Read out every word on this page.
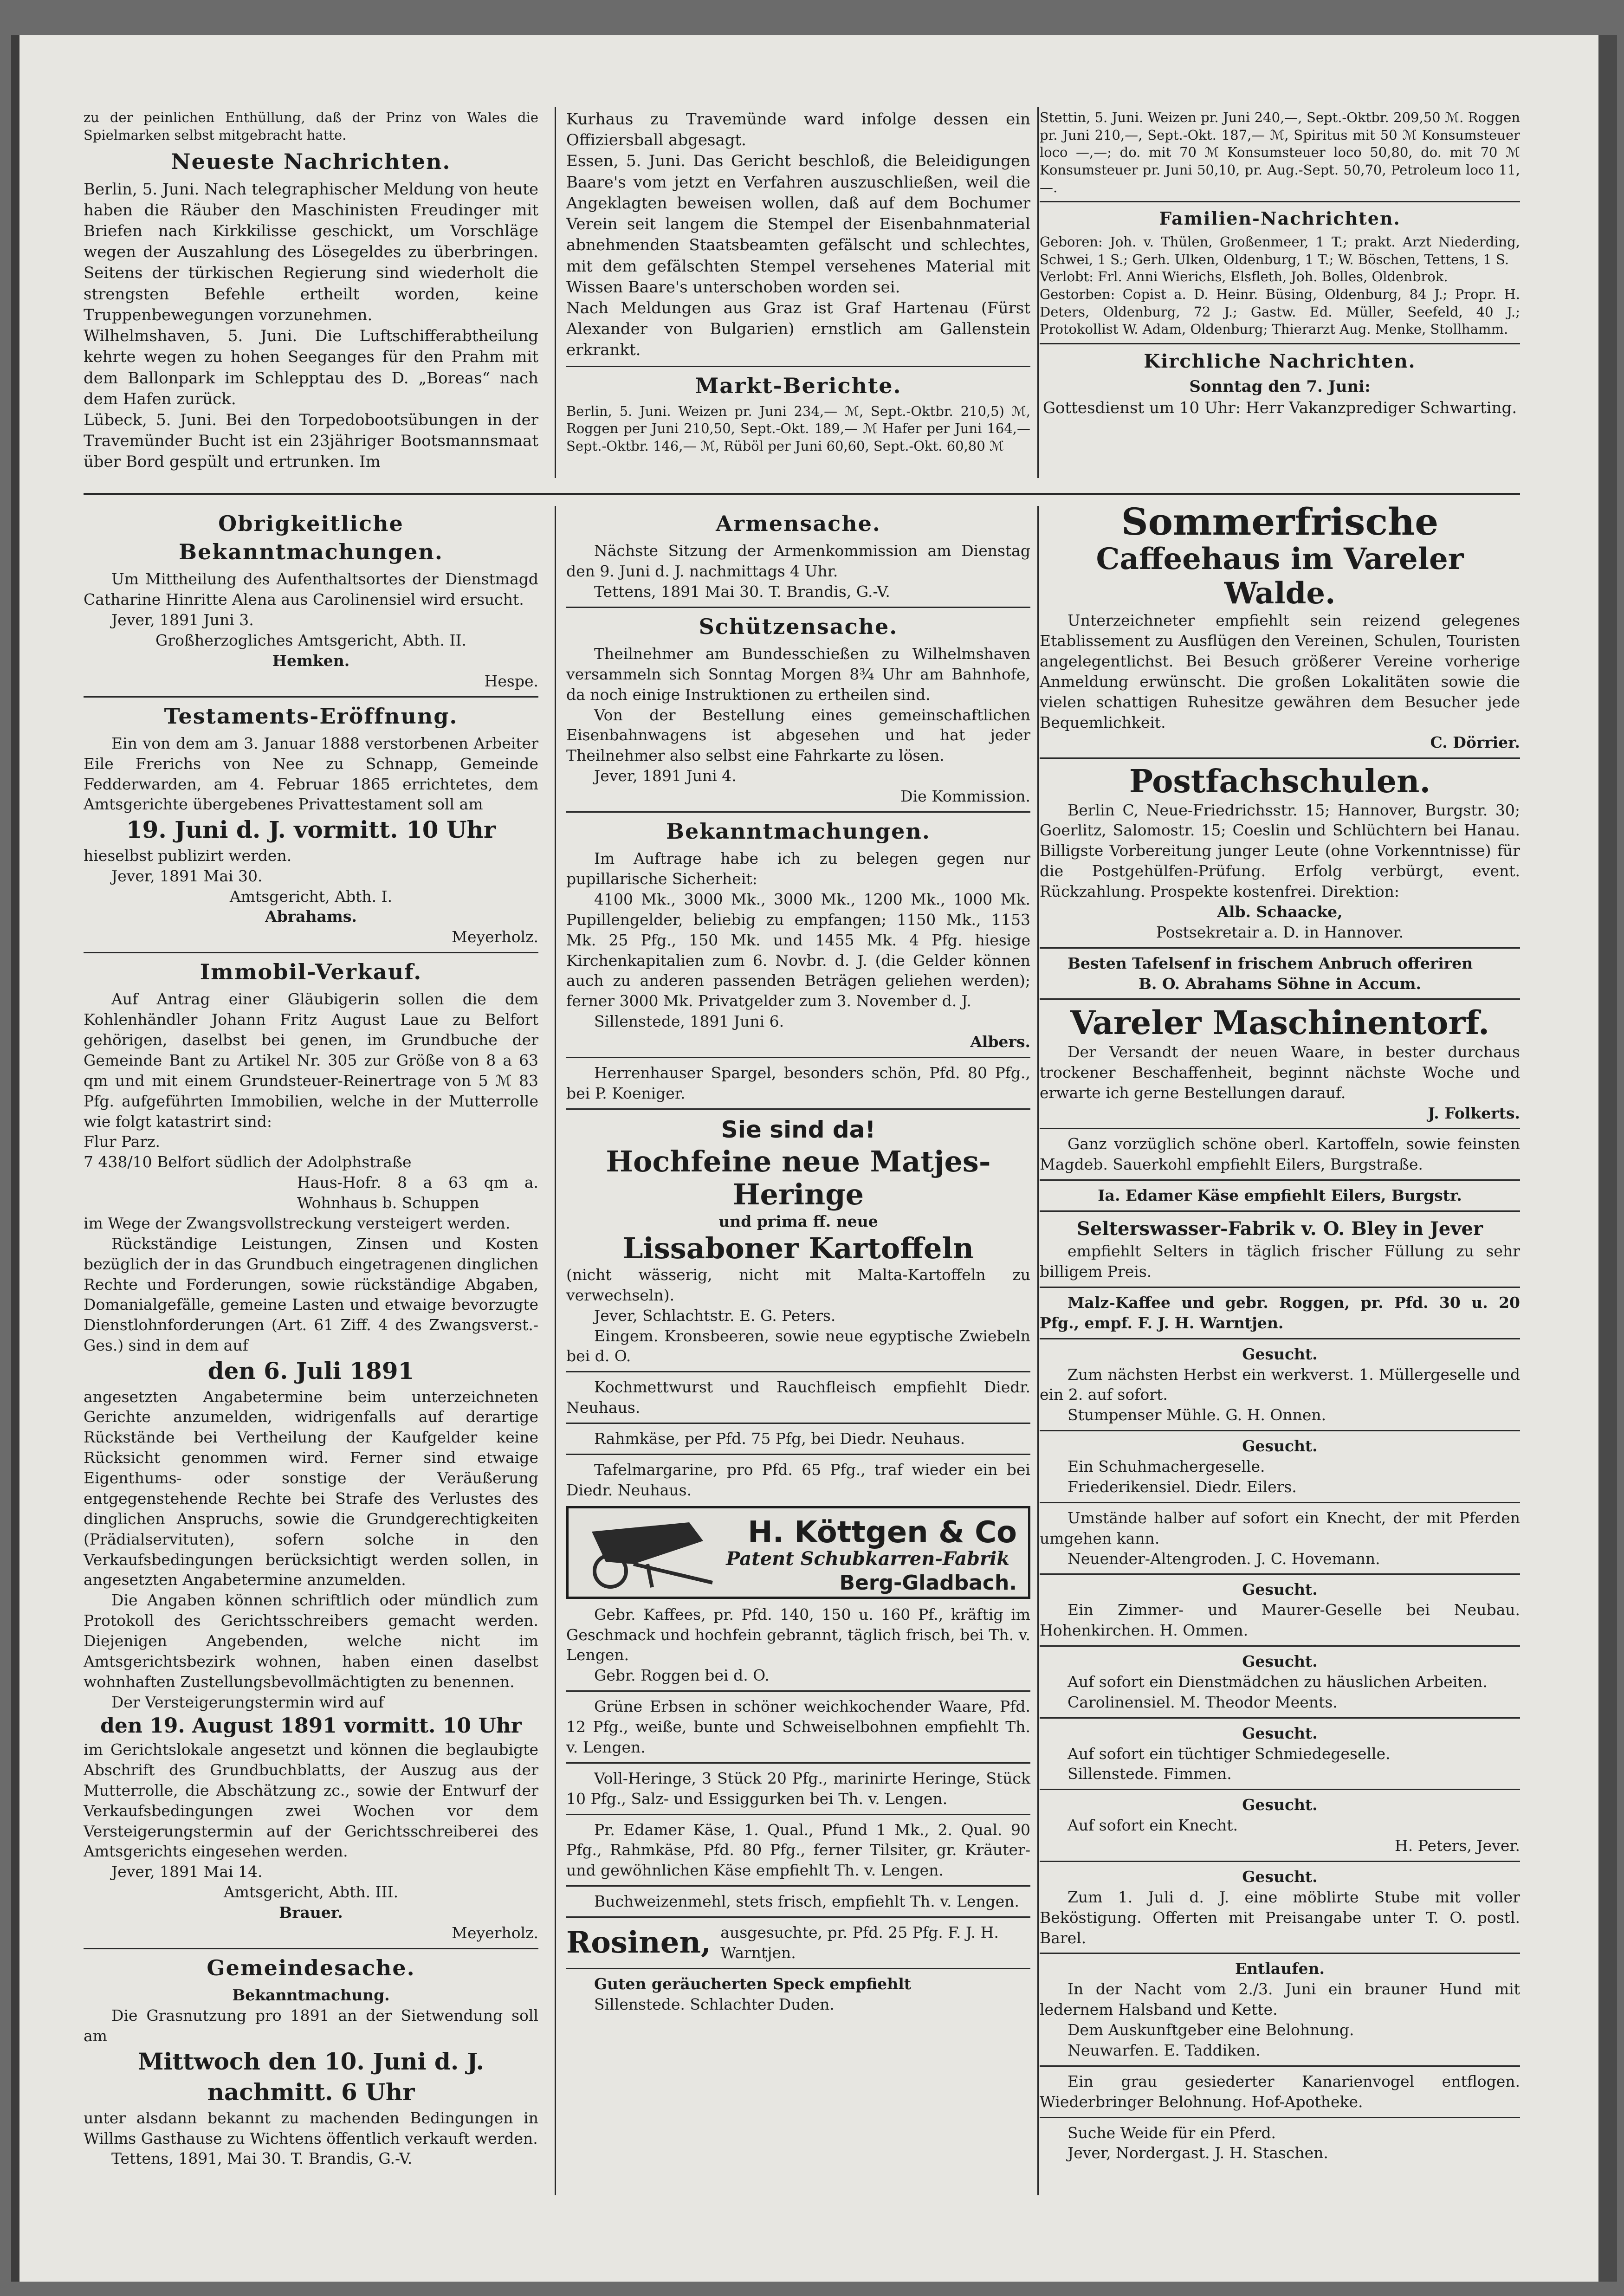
zu der peinlichen Enthüllung, daß der Prinz von Wales die Spielmarken selbst mitgebracht hatte.

Neueste Nachrichten.

Berlin, 5. Juni. Nach telegraphischer Meldung von heute haben die Räuber den Maschinisten Freudinger mit Briefen nach Kirkkilisse geschickt, um Vorschläge wegen der Auszahlung des Lösegeldes zu überbringen. Seitens der türkischen Regierung sind wiederholt die strengsten Befehle ertheilt worden, keine Truppenbewegungen vorzunehmen.

Wilhelmshaven, 5. Juni. Die Luftschifferabtheilung kehrte wegen zu hohen Seeganges für den Prahm mit dem Ballonpark im Schlepptau des D. „Boreas“ nach dem Hafen zurück.

Lübeck, 5. Juni. Bei den Torpedobootsübungen in der Travemünder Bucht ist ein 23jähriger Bootsmannsmaat über Bord gespült und ertrunken. Im

Kurhaus zu Travemünde ward infolge dessen ein Offiziersball abgesagt.

Essen, 5. Juni. Das Gericht beschloß, die Beleidigungen Baare's vom jetzt en Verfahren auszuschließen, weil die Angeklagten beweisen wollen, daß auf dem Bochumer Verein seit langem die Stempel der Eisenbahnmaterial abnehmenden Staatsbeamten gefälscht und schlechtes, mit dem gefälschten Stempel versehenes Material mit Wissen Baare's unterschoben worden sei.

Nach Meldungen aus Graz ist Graf Hartenau (Fürst Alexander von Bulgarien) ernstlich am Gallenstein erkrankt.

Markt-Berichte.

Berlin, 5. Juni. Weizen pr. Juni 234,— ℳ, Sept.-Oktbr. 210,5) ℳ, Roggen per Juni 210,50, Sept.-Okt. 189,— ℳ Hafer per Juni 164,— Sept.-Oktbr. 146,— ℳ, Rüböl per Juni 60,60, Sept.-Okt. 60,80 ℳ

Stettin, 5. Juni. Weizen pr. Juni 240,—, Sept.-Oktbr. 209,50 ℳ. Roggen pr. Juni 210,—, Sept.-Okt. 187,— ℳ, Spiritus mit 50 ℳ Konsumsteuer loco —,—; do. mit 70 ℳ Konsumsteuer loco 50,80, do. mit 70 ℳ Konsumsteuer pr. Juni 50,10, pr. Aug.-Sept. 50,70, Petroleum loco 11,—.

Familien-Nachrichten.

Geboren: Joh. v. Thülen, Großenmeer, 1 T.; prakt. Arzt Niederding, Schwei, 1 S.; Gerh. Ulken, Oldenburg, 1 T.; W. Böschen, Tettens, 1 S.

Verlobt: Frl. Anni Wierichs, Elsfleth, Joh. Bolles, Oldenbrok.

Gestorben: Copist a. D. Heinr. Büsing, Oldenburg, 84 J.; Propr. H. Deters, Oldenburg, 72 J.; Gastw. Ed. Müller, Seefeld, 40 J.; Protokollist W. Adam, Oldenburg; Thierarzt Aug. Menke, Stollhamm.

Kirchliche Nachrichten.

Sonntag den 7. Juni:

Gottesdienst um 10 Uhr: Herr Vakanzprediger Schwarting.

Obrigkeitliche Bekanntmachungen.

Um Mittheilung des Aufenthaltsortes der Dienstmagd Catharine Hinritte Alena aus Carolinensiel wird ersucht.

Jever, 1891 Juni 3.

Großherzogliches Amtsgericht, Abth. II.

Hemken.

Hespe.

Testaments-Eröffnung.

Ein von dem am 3. Januar 1888 verstorbenen Arbeiter Eile Frerichs von Nee zu Schnapp, Gemeinde Fedderwarden, am 4. Februar 1865 errichtetes, dem Amtsgerichte übergebenes Privattestament soll am

19. Juni d. J. vormitt. 10 Uhr

hieselbst publizirt werden.

Jever, 1891 Mai 30.

Amtsgericht, Abth. I.

Abrahams.

Meyerholz.

Immobil-Verkauf.

Auf Antrag einer Gläubigerin sollen die dem Kohlenhändler Johann Fritz August Laue zu Belfort gehörigen, daselbst bei genen, im Grundbuche der Gemeinde Bant zu Artikel Nr. 305 zur Größe von 8 a 63 qm und mit einem Grundsteuer-Reinertrage von 5 ℳ 83 Pfg. aufgeführten Immobilien, welche in der Mutterrolle wie folgt katastrirt sind:

Flur Parz.

7 438/10 Belfort südlich der Adolphstraße

Haus-Hofr. 8 a 63 qm a. Wohnhaus b. Schuppen

im Wege der Zwangsvollstreckung versteigert werden.

Rückständige Leistungen, Zinsen und Kosten bezüglich der in das Grundbuch eingetragenen dinglichen Rechte und Forderungen, sowie rückständige Abgaben, Domanialgefälle, gemeine Lasten und etwaige bevorzugte Dienstlohnforderungen (Art. 61 Ziff. 4 des Zwangsverst.-Ges.) sind in dem auf

den 6. Juli 1891

angesetzten Angabetermine beim unterzeichneten Gerichte anzumelden, widrigenfalls auf derartige Rückstände bei Vertheilung der Kaufgelder keine Rücksicht genommen wird. Ferner sind etwaige Eigenthums- oder sonstige der Veräußerung entgegenstehende Rechte bei Strafe des Verlustes des dinglichen Anspruchs, sowie die Grundgerechtigkeiten (Prädialservituten), sofern solche in den Verkaufsbedingungen berücksichtigt werden sollen, in angesetzten Angabetermine anzumelden.

Die Angaben können schriftlich oder mündlich zum Protokoll des Gerichtsschreibers gemacht werden. Diejenigen Angebenden, welche nicht im Amtsgerichtsbezirk wohnen, haben einen daselbst wohnhaften Zustellungsbevollmächtigten zu benennen.

Der Versteigerungstermin wird auf

den 19. August 1891 vormitt. 10 Uhr

im Gerichtslokale angesetzt und können die beglaubigte Abschrift des Grundbuchblatts, der Auszug aus der Mutterrolle, die Abschätzung zc., sowie der Entwurf der Verkaufsbedingungen zwei Wochen vor dem Versteigerungstermin auf der Gerichtsschreiberei des Amtsgerichts eingesehen werden.

Jever, 1891 Mai 14.

Amtsgericht, Abth. III.

Brauer.

Meyerholz.

Gemeindesache.

Bekanntmachung.

Die Grasnutzung pro 1891 an der Sietwendung soll am

Mittwoch den 10. Juni d. J.
nachmitt. 6 Uhr

unter alsdann bekannt zu machenden Bedingungen in Willms Gasthause zu Wichtens öffentlich verkauft werden.

Tettens, 1891, Mai 30. T. Brandis, G.-V.

Armensache.

Nächste Sitzung der Armenkommission am Dienstag den 9. Juni d. J. nachmittags 4 Uhr.

Tettens, 1891 Mai 30. T. Brandis, G.-V.

Schützensache.

Theilnehmer am Bundesschießen zu Wilhelmshaven versammeln sich Sonntag Morgen 8¾ Uhr am Bahnhofe, da noch einige Instruktionen zu ertheilen sind.

Von der Bestellung eines gemeinschaftlichen Eisenbahnwagens ist abgesehen und hat jeder Theilnehmer also selbst eine Fahrkarte zu lösen.

Jever, 1891 Juni 4.

Die Kommission.

Bekanntmachungen.

Im Auftrage habe ich zu belegen gegen nur pupillarische Sicherheit:

4100 Mk., 3000 Mk., 3000 Mk., 1200 Mk., 1000 Mk. Pupillengelder, beliebig zu empfangen; 1150 Mk., 1153 Mk. 25 Pfg., 150 Mk. und 1455 Mk. 4 Pfg. hiesige Kirchenkapitalien zum 6. Novbr. d. J. (die Gelder können auch zu anderen passenden Beträgen geliehen werden); ferner 3000 Mk. Privatgelder zum 3. November d. J.

Sillenstede, 1891 Juni 6.

Albers.

Herrenhauser Spargel, besonders schön, Pfd. 80 Pfg., bei P. Koeniger.

Sie sind da!
Hochfeine neue Matjes-Heringe

und prima ff. neue

Lissaboner Kartoffeln

(nicht wässerig, nicht mit Malta-Kartoffeln zu verwechseln).

Jever, Schlachtstr. E. G. Peters.

Eingem. Kronsbeeren, sowie neue egyptische Zwiebeln bei d. O.

Kochmettwurst und Rauchfleisch empfiehlt Diedr. Neuhaus.

Rahmkäse, per Pfd. 75 Pfg, bei Diedr. Neuhaus.

Tafelmargarine, pro Pfd. 65 Pfg., traf wieder ein bei Diedr. Neuhaus.

H. Köttgen & Co
Patent Schubkarren-Fabrik
Berg-Gladbach.

Gebr. Kaffees, pr. Pfd. 140, 150 u. 160 Pf., kräftig im Geschmack und hochfein gebrannt, täglich frisch, bei Th. v. Lengen.

Gebr. Roggen bei d. O.

Grüne Erbsen in schöner weichkochender Waare, Pfd. 12 Pfg., weiße, bunte und Schweiselbohnen empfiehlt Th. v. Lengen.

Voll-Heringe, 3 Stück 20 Pfg., marinirte Heringe, Stück 10 Pfg., Salz- und Essiggurken bei Th. v. Lengen.

Pr. Edamer Käse, 1. Qual., Pfund 1 Mk., 2. Qual. 90 Pfg., Rahmkäse, Pfd. 80 Pfg., ferner Tilsiter, gr. Kräuter- und gewöhnlichen Käse empfiehlt Th. v. Lengen.

Buchweizenmehl, stets frisch, empfiehlt Th. v. Lengen.

Rosinen, ausgesuchte, pr. Pfd. 25 Pfg. F. J. H. Warntjen.

Guten geräucherten Speck empfiehlt

Sillenstede. Schlachter Duden.

Sommerfrische
Caffeehaus im Vareler Walde.

Unterzeichneter empfiehlt sein reizend gelegenes Etablissement zu Ausflügen den Vereinen, Schulen, Touristen angelegentlichst. Bei Besuch größerer Vereine vorherige Anmeldung erwünscht. Die großen Lokalitäten sowie die vielen schattigen Ruhesitze gewähren dem Besucher jede Bequemlichkeit.

C. Dörrier.

Postfachschulen.

Berlin C, Neue-Friedrichsstr. 15; Hannover, Burgstr. 30; Goerlitz, Salomostr. 15; Coeslin und Schlüchtern bei Hanau. Billigste Vorbereitung junger Leute (ohne Vorkenntnisse) für die Postgehülfen-Prüfung. Erfolg verbürgt, event. Rückzahlung. Prospekte kostenfrei. Direktion:

Alb. Schaacke,

Postsekretair a. D. in Hannover.

Besten Tafelsenf in frischem Anbruch offeriren

B. O. Abrahams Söhne in Accum.

Vareler Maschinentorf.

Der Versandt der neuen Waare, in bester durchaus trockener Beschaffenheit, beginnt nächste Woche und erwarte ich gerne Bestellungen darauf.

J. Folkerts.

Ganz vorzüglich schöne oberl. Kartoffeln, sowie feinsten Magdeb. Sauerkohl empfiehlt Eilers, Burgstraße.

Ia. Edamer Käse empfiehlt Eilers, Burgstr.

Selterswasser-Fabrik v. O. Bley in Jever

empfiehlt Selters in täglich frischer Füllung zu sehr billigem Preis.

Malz-Kaffee und gebr. Roggen, pr. Pfd. 30 u. 20 Pfg., empf. F. J. H. Warntjen.

Gesucht.

Zum nächsten Herbst ein werkverst. 1. Müllergeselle und ein 2. auf sofort.

Stumpenser Mühle. G. H. Onnen.

Gesucht.

Ein Schuhmachergeselle.

Friederikensiel. Diedr. Eilers.

Umstände halber auf sofort ein Knecht, der mit Pferden umgehen kann.

Neuender-Altengroden. J. C. Hovemann.

Gesucht.

Ein Zimmer- und Maurer-Geselle bei Neubau. Hohenkirchen. H. Ommen.

Gesucht.

Auf sofort ein Dienstmädchen zu häuslichen Arbeiten.

Carolinensiel. M. Theodor Meents.

Gesucht.

Auf sofort ein tüchtiger Schmiedegeselle.

Sillenstede. Fimmen.

Gesucht.

Auf sofort ein Knecht.

H. Peters, Jever.

Gesucht.

Zum 1. Juli d. J. eine möblirte Stube mit voller Beköstigung. Offerten mit Preisangabe unter T. O. postl. Barel.

Entlaufen.

In der Nacht vom 2./3. Juni ein brauner Hund mit ledernem Halsband und Kette.

Dem Auskunftgeber eine Belohnung.

Neuwarfen. E. Taddiken.

Ein grau gesiederter Kanarienvogel entflogen. Wiederbringer Belohnung. Hof-Apotheke.

Suche Weide für ein Pferd.

Jever, Nordergast. J. H. Staschen.
